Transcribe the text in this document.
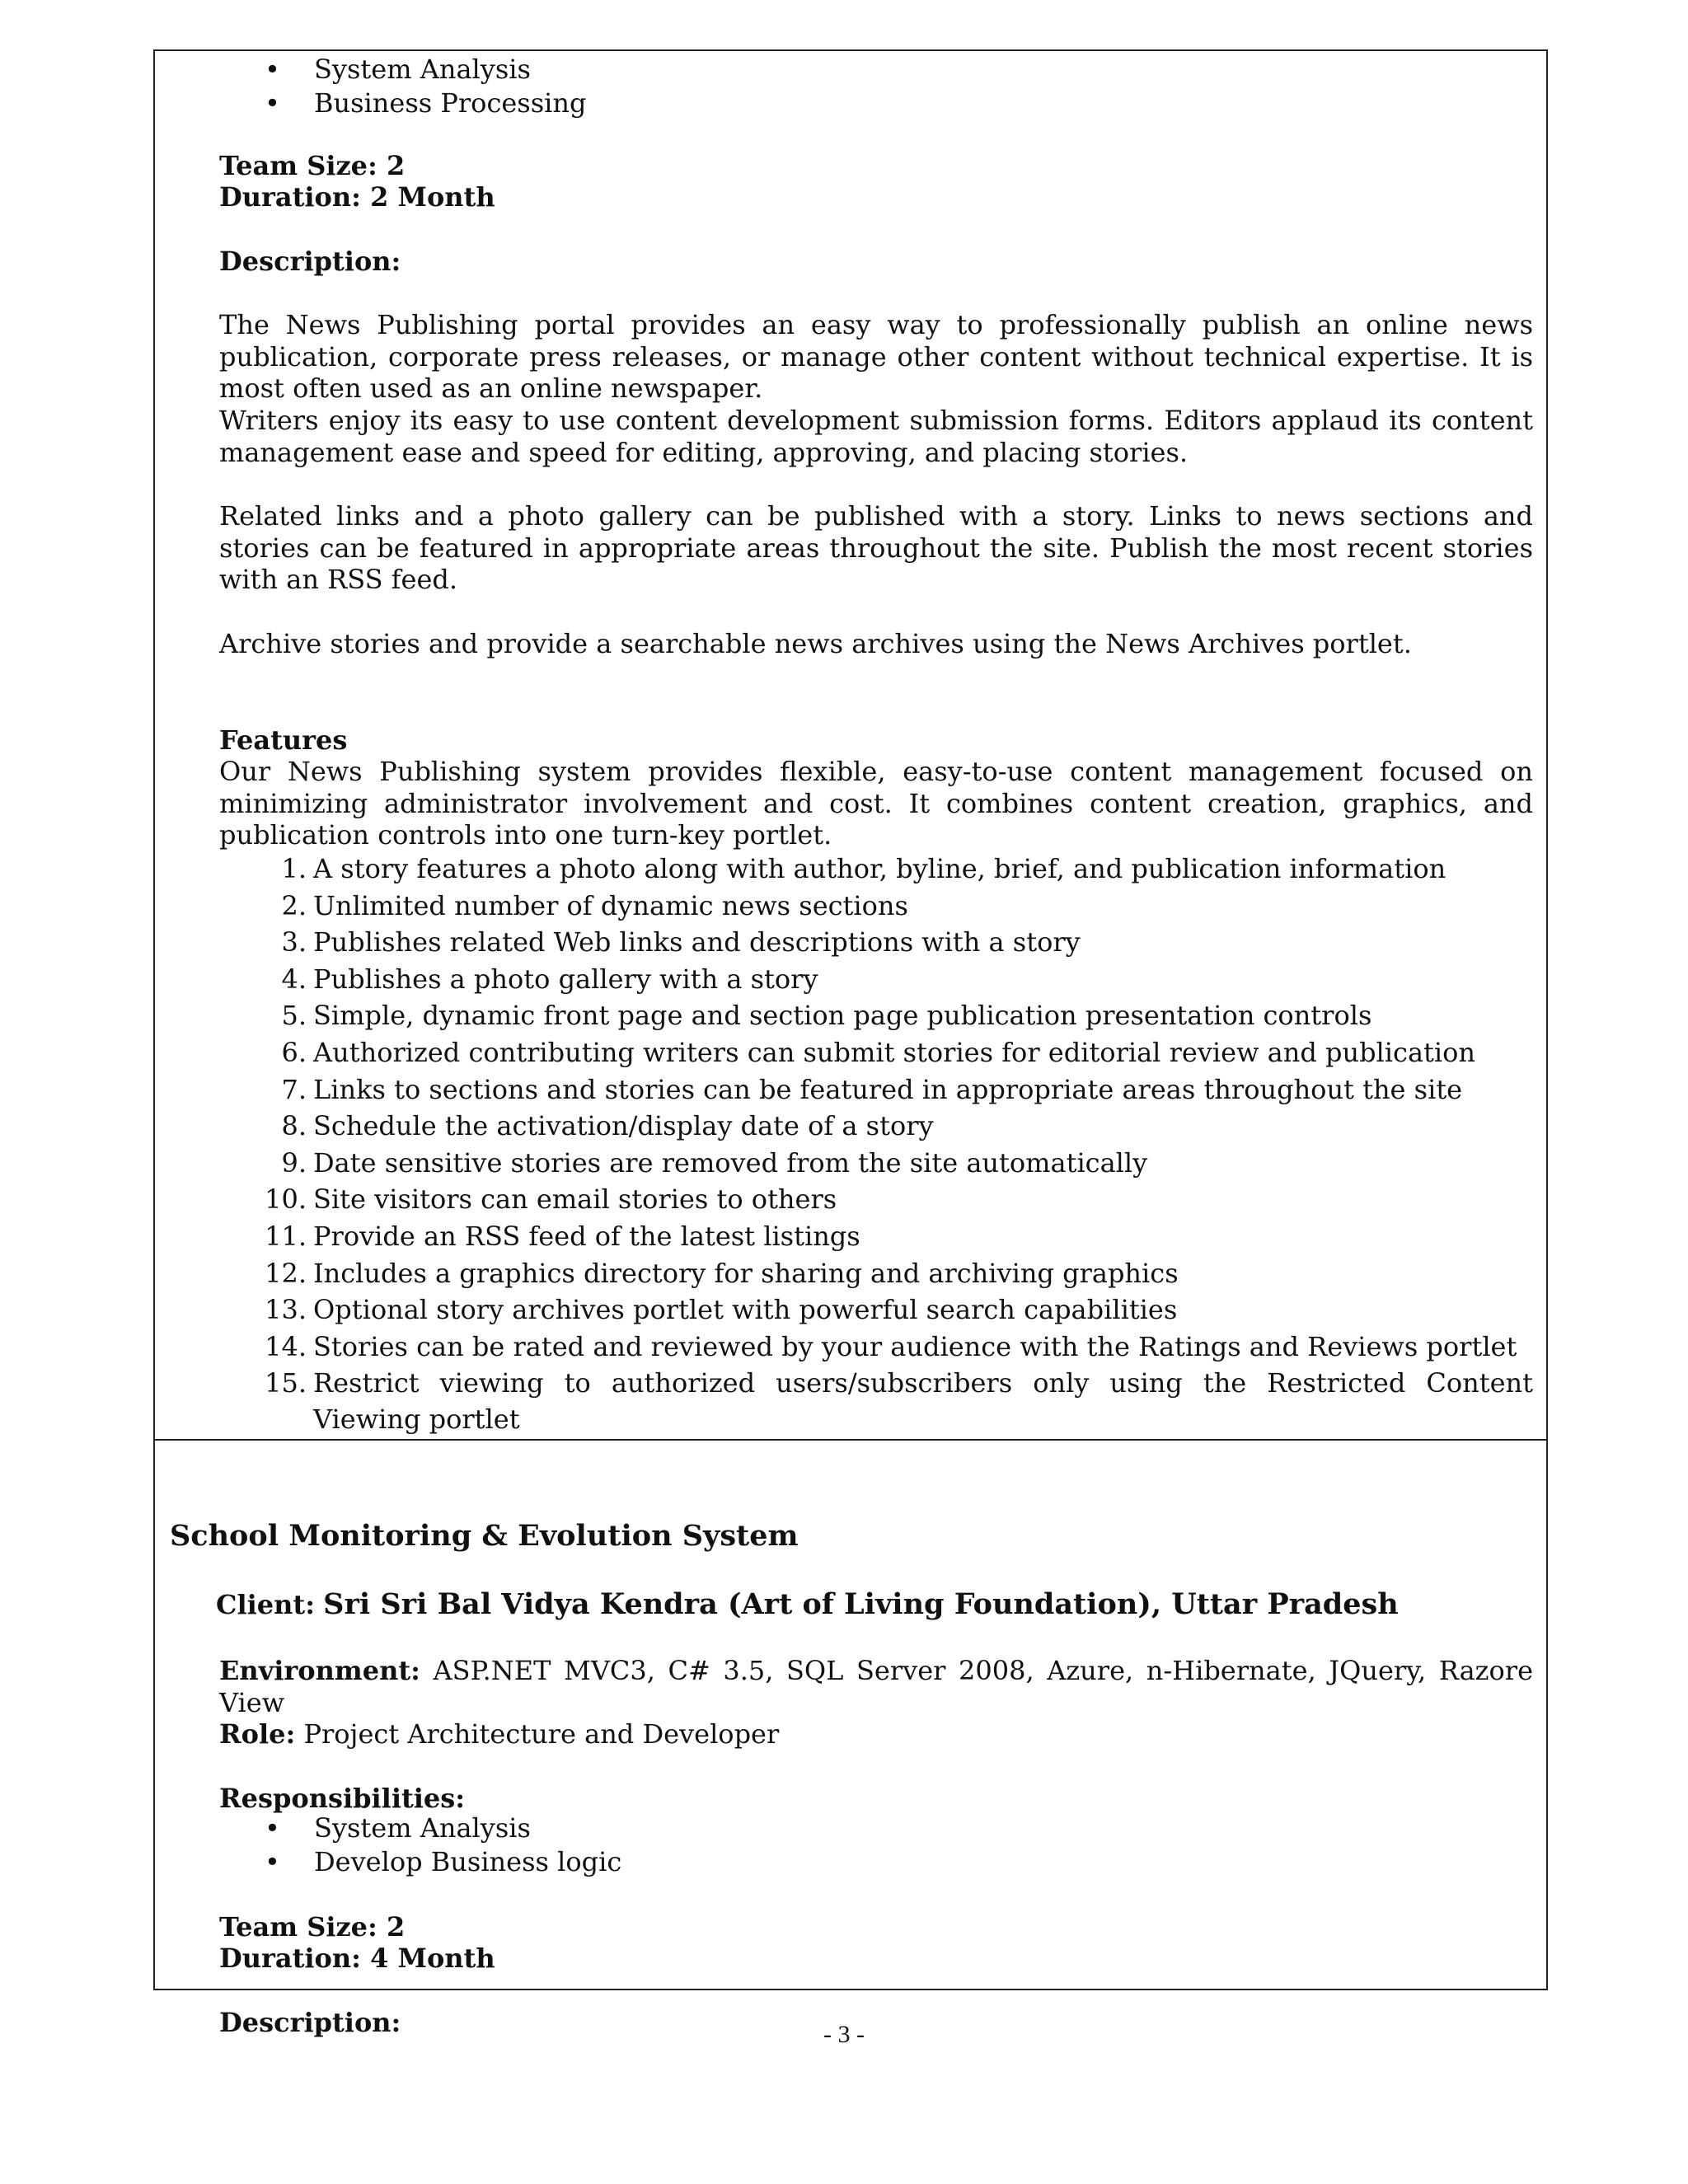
• System Analysis
• Business Processing
Team Size: 2
Duration: 2 Month
Description:
The News Publishing portal provides an easy way to professionally publish an online news publication, corporate press releases, or manage other content without technical expertise. It is most often used as an online newspaper.
Writers enjoy its easy to use content development submission forms. Editors applaud its content management ease and speed for editing, approving, and placing stories.
Related links and a photo gallery can be published with a story. Links to news sections and stories can be featured in appropriate areas throughout the site. Publish the most recent stories with an RSS feed.
Archive stories and provide a searchable news archives using the News Archives portlet.
Features
Our News Publishing system provides flexible, easy-to-use content management focused on minimizing administrator involvement and cost. It combines content creation, graphics, and publication controls into one turn-key portlet.
1. A story features a photo along with author, byline, brief, and publication information
2. Unlimited number of dynamic news sections
3. Publishes related Web links and descriptions with a story
4. Publishes a photo gallery with a story
5. Simple, dynamic front page and section page publication presentation controls
6. Authorized contributing writers can submit stories for editorial review and publication
7. Links to sections and stories can be featured in appropriate areas throughout the site
8. Schedule the activation/display date of a story
9. Date sensitive stories are removed from the site automatically
10. Site visitors can email stories to others
11. Provide an RSS feed of the latest listings
12. Includes a graphics directory for sharing and archiving graphics
13. Optional story archives portlet with powerful search capabilities
14. Stories can be rated and reviewed by your audience with the Ratings and Reviews portlet
15. Restrict viewing to authorized users/subscribers only using the Restricted Content Viewing portlet
School Monitoring & Evolution System
Client: Sri Sri Bal Vidya Kendra (Art of Living Foundation), Uttar Pradesh
Environment: ASP.NET MVC3, C# 3.5, SQL Server 2008, Azure, n-Hibernate, JQuery, Razore View
Role: Project Architecture and Developer
Responsibilities:
• System Analysis
• Develop Business logic
Team Size: 2
Duration: 4 Month
Description:	- 3 -
